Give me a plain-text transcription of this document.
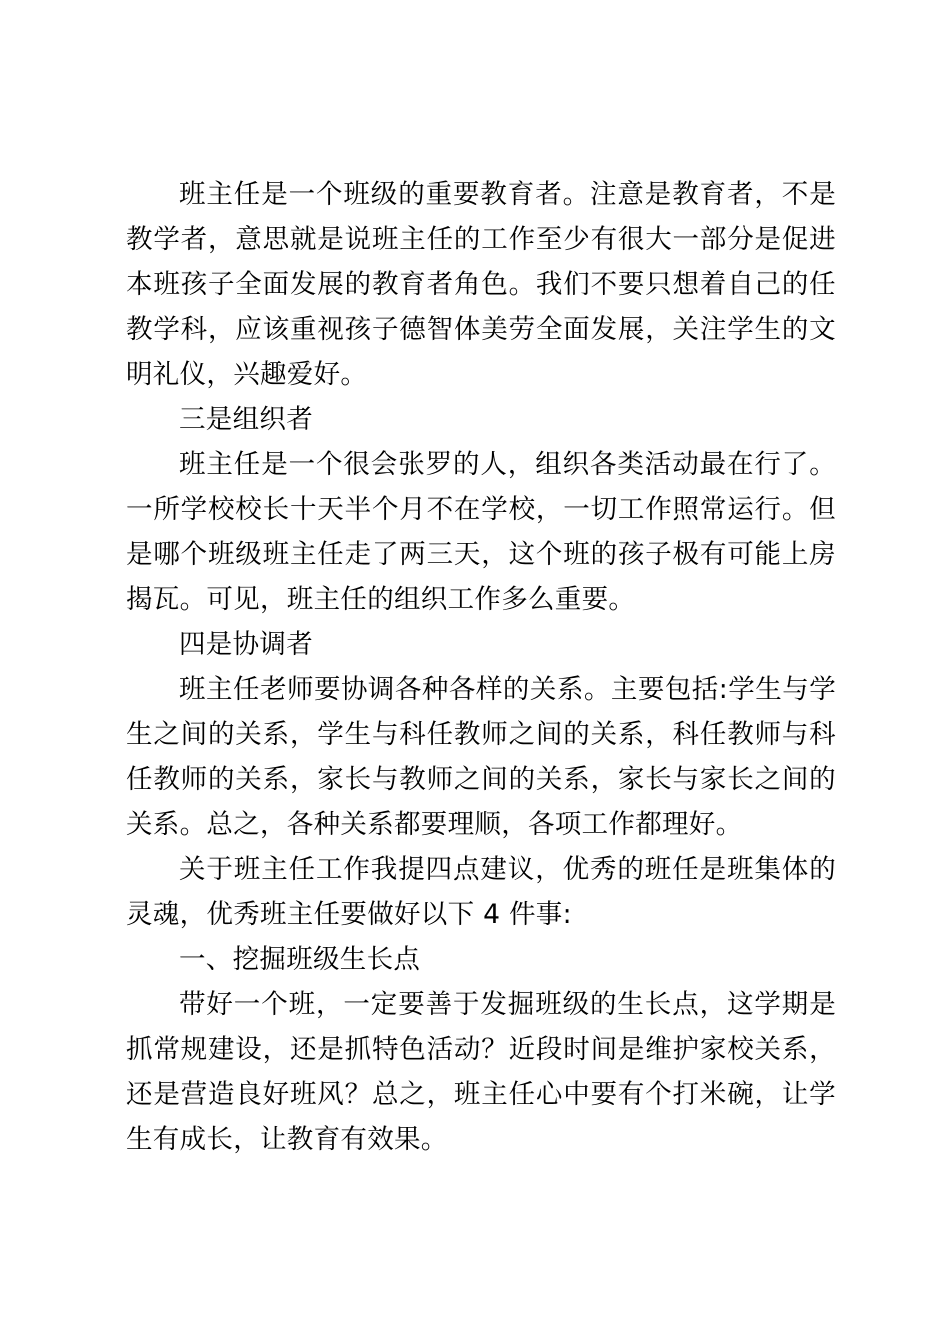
班主任是一个班级的重要教育者。注意是教育者，不是教学者，意思就是说班主任的工作至少有很大一部分是促进本班孩子全面发展的教育者角色。我们不要只想着自己的任教学科，应该重视孩子德智体美劳全面发展，关注学生的文明礼仪，兴趣爱好。

三是组织者

班主任是一个很会张罗的人，组织各类活动最在行了。一所学校校长十天半个月不在学校，一切工作照常运行。但是哪个班级班主任走了两三天，这个班的孩子极有可能上房揭瓦。可见，班主任的组织工作多么重要。

四是协调者

班主任老师要协调各种各样的关系。主要包括:学生与学生之间的关系，学生与科任教师之间的关系，科任教师与科任教师的关系，家长与教师之间的关系，家长与家长之间的关系。总之，各种关系都要理顺，各项工作都理好。

关于班主任工作我提四点建议，优秀的班任是班集体的灵魂，优秀班主任要做好以下 4 件事:

一、挖掘班级生长点

带好一个班，一定要善于发掘班级的生长点，这学期是抓常规建设，还是抓特色活动？近段时间是维护家校关系，还是营造良好班风？总之，班主任心中要有个打米碗，让学生有成长，让教育有效果。
